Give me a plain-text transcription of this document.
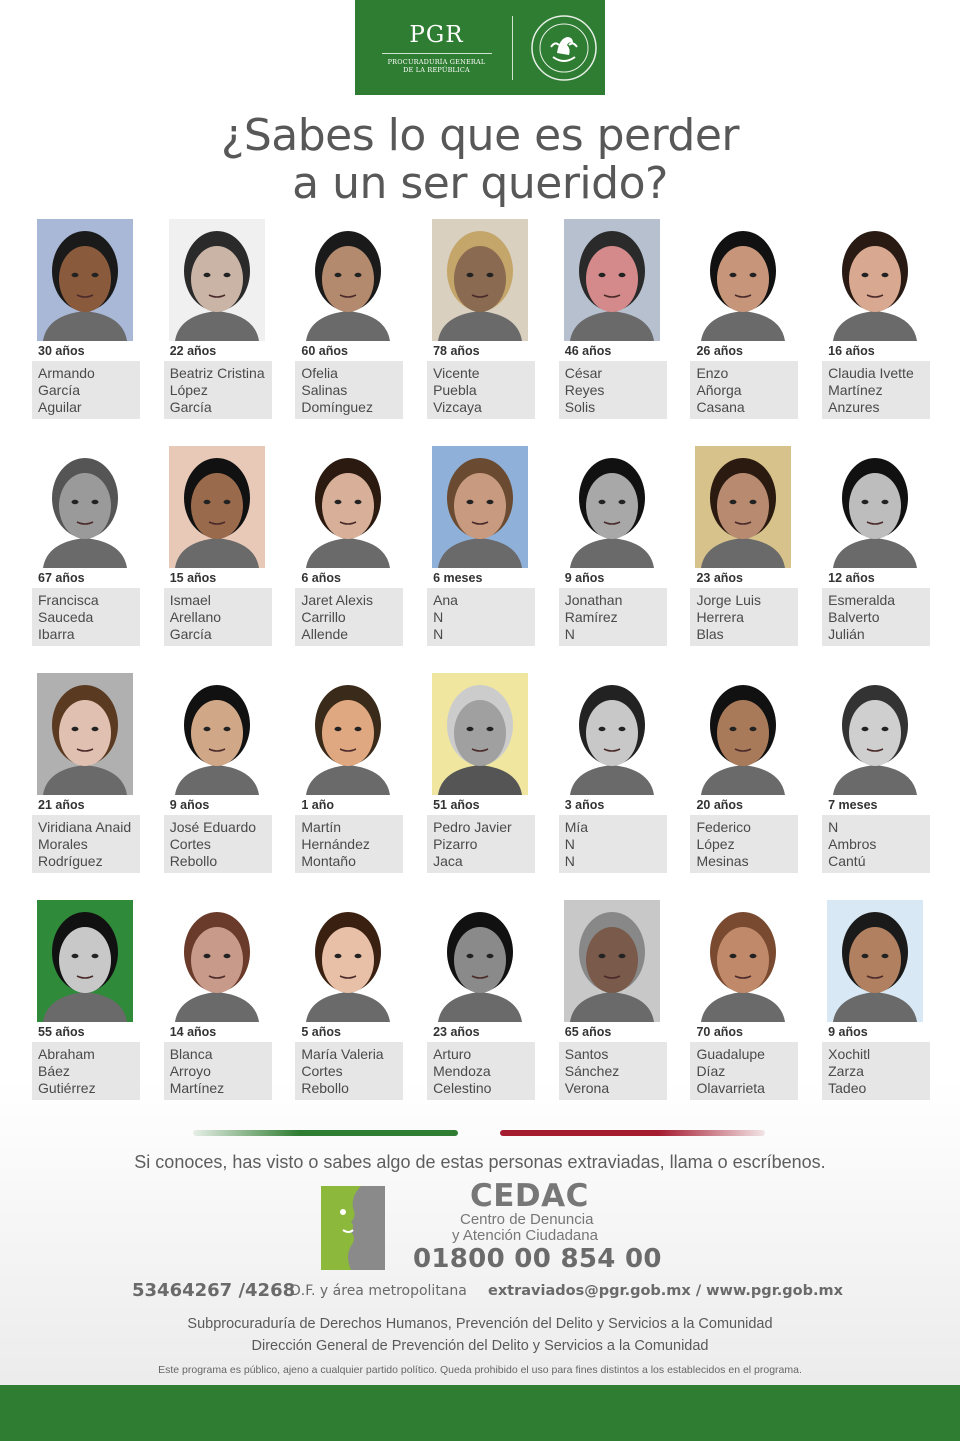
PGR
PROCURADURÍA GENERAL
DE LA REPÚBLICA
¿Sabes lo que es perder
a un ser querido?
30 años
Armando
García
Aguilar
22 años
Beatriz Cristina
López
García
60 años
Ofelia
Salinas
Domínguez
78 años
Vicente
Puebla
Vizcaya
46 años
César
Reyes
Solis
26 años
Enzo
Añorga
Casana
16 años
Claudia Ivette
Martínez
Anzures
67 años
Francisca
Sauceda
Ibarra
15 años
Ismael
Arellano
García
6 años
Jaret Alexis
Carrillo
Allende
6 meses
Ana
N
N
9 años
Jonathan
Ramírez
N
23 años
Jorge Luis
Herrera
Blas
12 años
Esmeralda
Balverto
Julián
21 años
Viridiana Anaid
Morales
Rodríguez
9 años
José Eduardo
Cortes
Rebollo
1 año
Martín
Hernández
Montaño
51 años
Pedro Javier
Pizarro
Jaca
3 años
Mía
N
N
20 años
Federico
López
Mesinas
7 meses
N
Ambros
Cantú
55 años
Abraham
Báez
Gutiérrez
14 años
Blanca
Arroyo
Martínez
5 años
María Valeria
Cortes
Rebollo
23 años
Arturo
Mendoza
Celestino
65 años
Santos
Sánchez
Verona
70 años
Guadalupe
Díaz
Olavarrieta
9 años
Xochitl
Zarza
Tadeo
Si conoces, has visto o sabes algo de estas personas extraviadas, llama o escríbenos.
CEDAC
Centro de Denuncia
y Atención Ciudadana
01800 00 854 00
53464267 /4268
D.F. y área metropolitana extraviados@pgr.gob.mx / www.pgr.gob.mx
Subprocuraduría de Derechos Humanos, Prevención del Delito y Servicios a la Comunidad
Dirección General de Prevención del Delito y Servicios a la Comunidad
Este programa es público, ajeno a cualquier partido político. Queda prohibido el uso para fines distintos a los establecidos en el programa.
